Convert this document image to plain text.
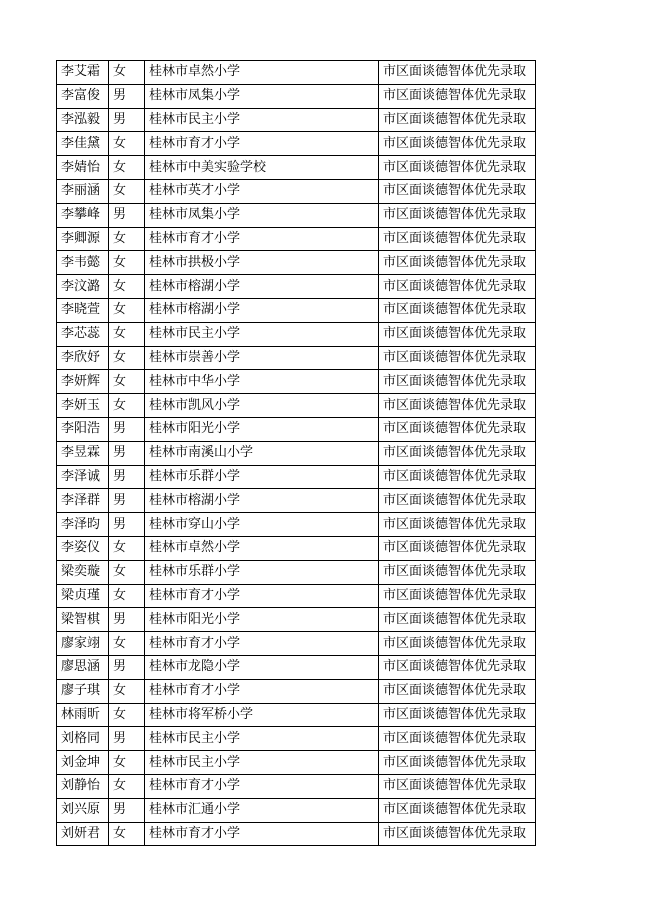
李艾霜	女	桂林市卓然小学	市区面谈德智体优先录取
李富俊	男	桂林市凤集小学	市区面谈德智体优先录取
李泓毅	男	桂林市民主小学	市区面谈德智体优先录取
李佳黛	女	桂林市育才小学	市区面谈德智体优先录取
李婧怡	女	桂林市中美实验学校	市区面谈德智体优先录取
李丽涵	女	桂林市英才小学	市区面谈德智体优先录取
李攀峰	男	桂林市凤集小学	市区面谈德智体优先录取
李卿源	女	桂林市育才小学	市区面谈德智体优先录取
李韦懿	女	桂林市拱极小学	市区面谈德智体优先录取
李汶潞	女	桂林市榕湖小学	市区面谈德智体优先录取
李晓萱	女	桂林市榕湖小学	市区面谈德智体优先录取
李芯蕊	女	桂林市民主小学	市区面谈德智体优先录取
李欣妤	女	桂林市崇善小学	市区面谈德智体优先录取
李妍辉	女	桂林市中华小学	市区面谈德智体优先录取
李妍玉	女	桂林市凯风小学	市区面谈德智体优先录取
李阳浩	男	桂林市阳光小学	市区面谈德智体优先录取
李昱霖	男	桂林市南溪山小学	市区面谈德智体优先录取
李泽诚	男	桂林市乐群小学	市区面谈德智体优先录取
李泽群	男	桂林市榕湖小学	市区面谈德智体优先录取
李泽昀	男	桂林市穿山小学	市区面谈德智体优先录取
李姿仪	女	桂林市卓然小学	市区面谈德智体优先录取
梁奕璇	女	桂林市乐群小学	市区面谈德智体优先录取
梁贞瑾	女	桂林市育才小学	市区面谈德智体优先录取
梁智棋	男	桂林市阳光小学	市区面谈德智体优先录取
廖家翊	女	桂林市育才小学	市区面谈德智体优先录取
廖思涵	男	桂林市龙隐小学	市区面谈德智体优先录取
廖子琪	女	桂林市育才小学	市区面谈德智体优先录取
林雨昕	女	桂林市将军桥小学	市区面谈德智体优先录取
刘格同	男	桂林市民主小学	市区面谈德智体优先录取
刘金坤	女	桂林市民主小学	市区面谈德智体优先录取
刘静怡	女	桂林市育才小学	市区面谈德智体优先录取
刘兴原	男	桂林市汇通小学	市区面谈德智体优先录取
刘妍君	女	桂林市育才小学	市区面谈德智体优先录取
